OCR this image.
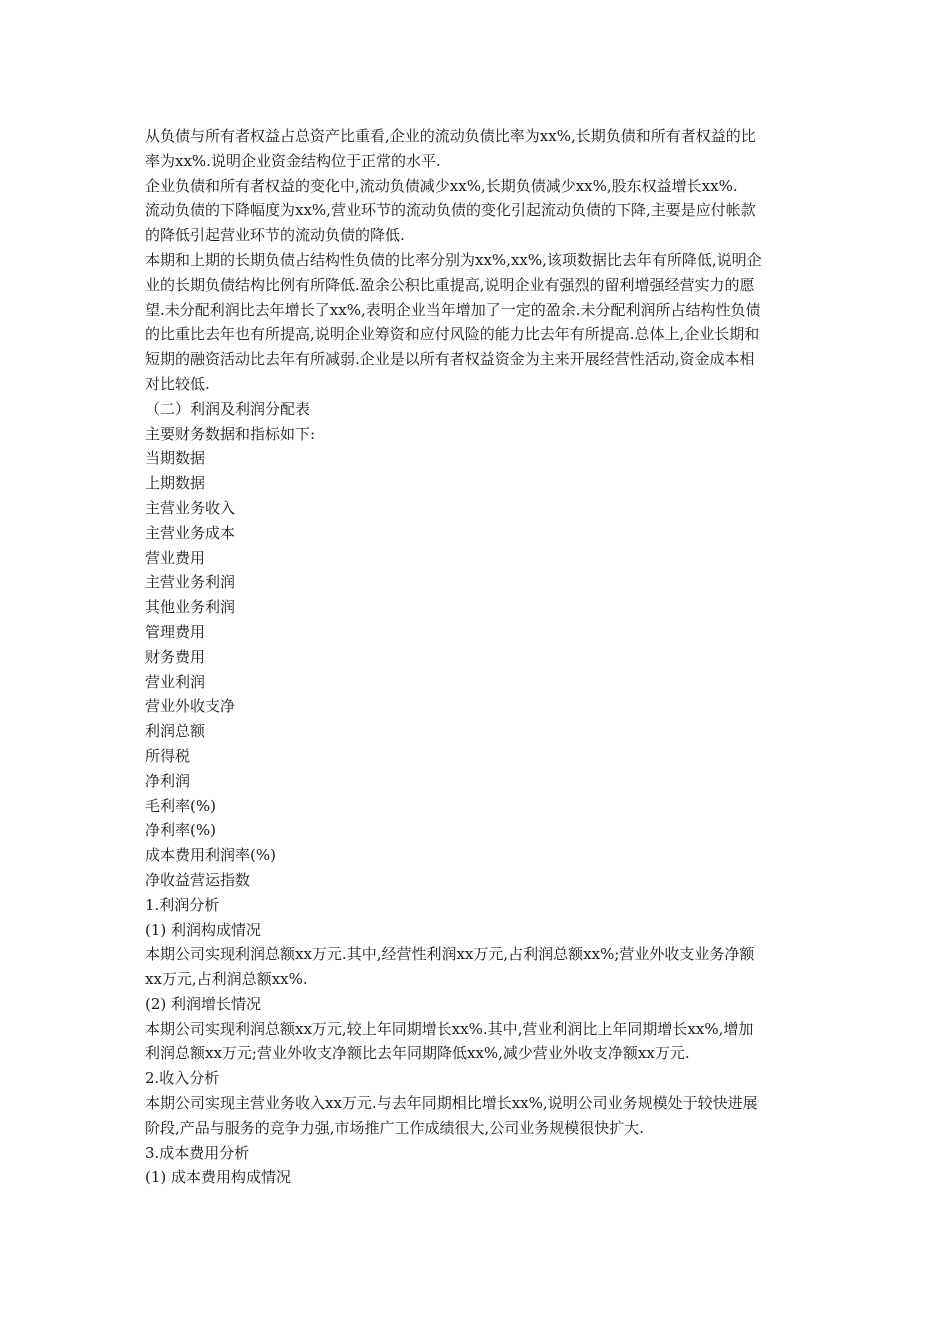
从负债与所有者权益占总资产比重看,企业的流动负债比率为xx%,长期负债和所有者权益的比
率为xx%.说明企业资金结构位于正常的水平.
企业负债和所有者权益的变化中,流动负债减少xx%,长期负债减少xx%,股东权益增长xx%.
流动负债的下降幅度为xx%,营业环节的流动负债的变化引起流动负债的下降,主要是应付帐款
的降低引起营业环节的流动负债的降低.
本期和上期的长期负债占结构性负债的比率分别为xx%,xx%,该项数据比去年有所降低,说明企
业的长期负债结构比例有所降低.盈余公积比重提高,说明企业有强烈的留利增强经营实力的愿
望.未分配利润比去年增长了xx%,表明企业当年增加了一定的盈余.未分配利润所占结构性负债
的比重比去年也有所提高,说明企业筹资和应付风险的能力比去年有所提高.总体上,企业长期和
短期的融资活动比去年有所减弱.企业是以所有者权益资金为主来开展经营性活动,资金成本相
对比较低.
（二）利润及利润分配表
主要财务数据和指标如下:
当期数据
上期数据
主营业务收入
主营业务成本
营业费用
主营业务利润
其他业务利润
管理费用
财务费用
营业利润
营业外收支净
利润总额
所得税
净利润
毛利率(%)
净利率(%)
成本费用利润率(%)
净收益营运指数
1.利润分析
(1) 利润构成情况
本期公司实现利润总额xx万元.其中,经营性利润xx万元,占利润总额xx%;营业外收支业务净额
xx万元,占利润总额xx%.
(2) 利润增长情况
本期公司实现利润总额xx万元,较上年同期增长xx%.其中,营业利润比上年同期增长xx%,增加
利润总额xx万元;营业外收支净额比去年同期降低xx%,减少营业外收支净额xx万元.
2.收入分析
本期公司实现主营业务收入xx万元.与去年同期相比增长xx%,说明公司业务规模处于较快进展
阶段,产品与服务的竞争力强,市场推广工作成绩很大,公司业务规模很快扩大.
3.成本费用分析
(1) 成本费用构成情况
